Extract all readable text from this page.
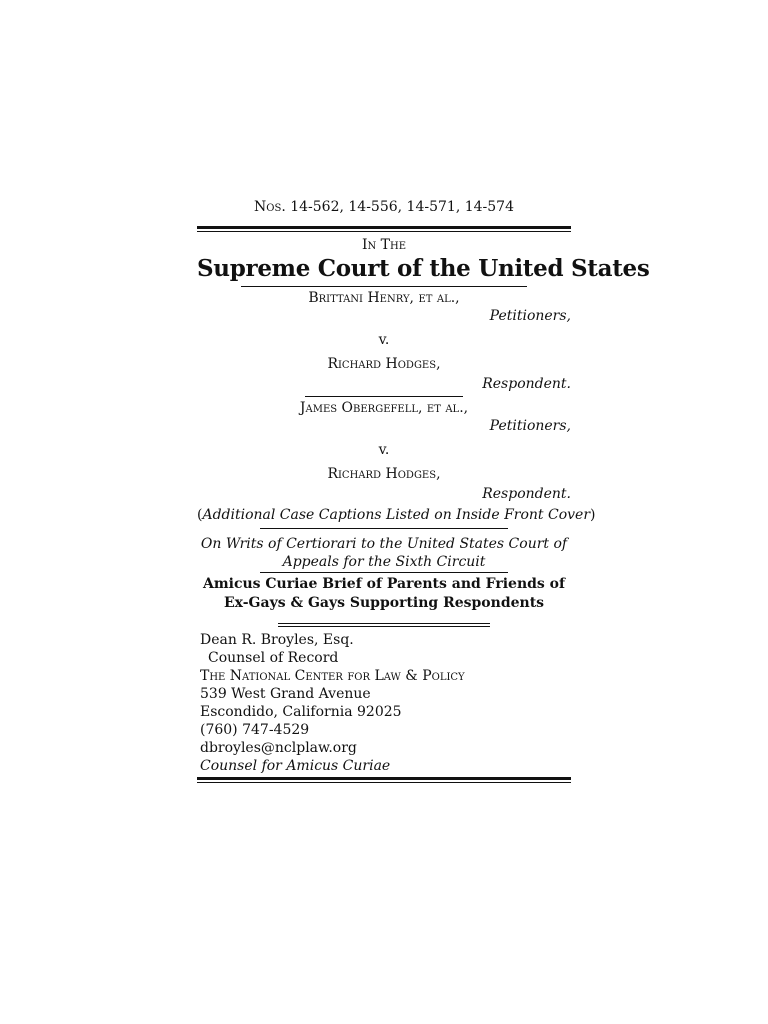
Nos. 14-562, 14-556, 14-571, 14-574
In The
Supreme Court of the United States
Brittani Henry, et al.,
Petitioners,
v.
Richard Hodges,
Respondent.
James Obergefell, et al.,
Petitioners,
v.
Richard Hodges,
Respondent.
(Additional Case Captions Listed on Inside Front Cover)
On Writs of Certiorari to the United States Court of
Appeals for the Sixth Circuit
Amicus Curiae Brief of Parents and Friends of
Ex-Gays & Gays Supporting Respondents
Dean R. Broyles, Esq.
Counsel of Record
The National Center for Law & Policy
539 West Grand Avenue
Escondido, California 92025
(760) 747-4529
dbroyles@nclplaw.org
Counsel for Amicus Curiae
